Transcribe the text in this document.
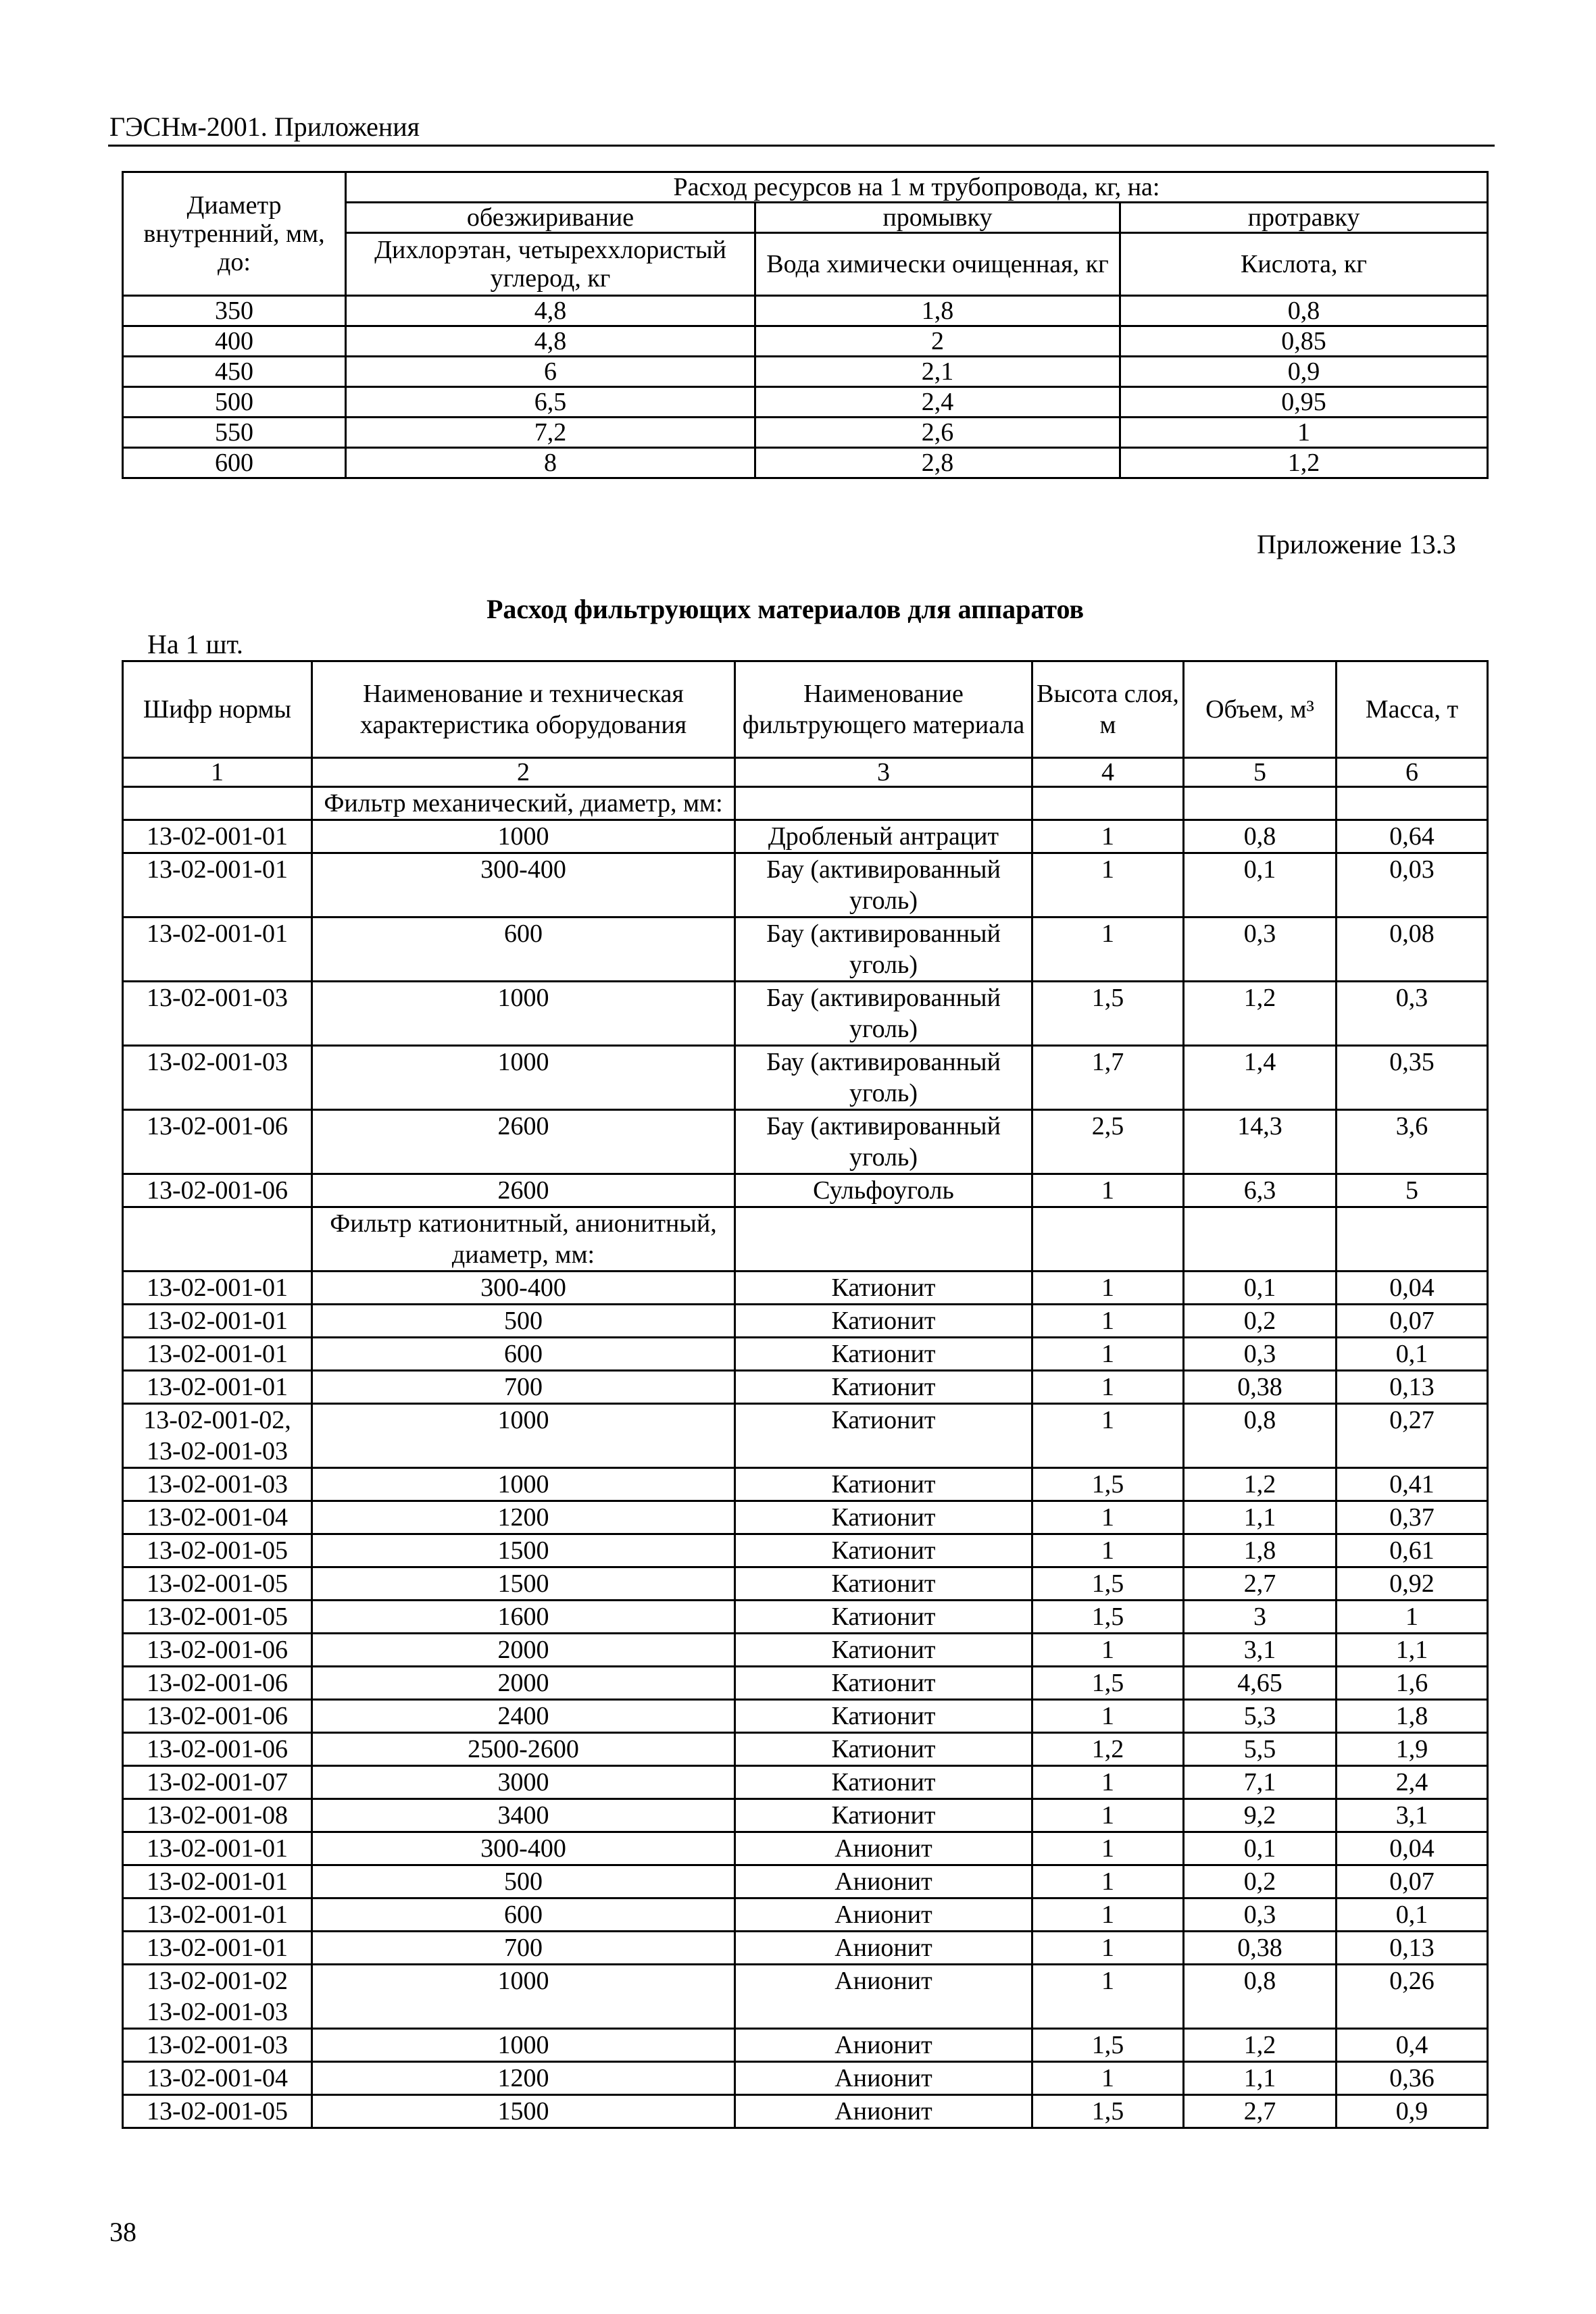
ГЭСНм-2001. Приложения
Диаметр внутренний, мм, до:	Расход ресурсов на 1 м трубопровода, кг, на:		
	обезжиривание	промывку	протравку
	Дихлорэтан, четыреххлористый углерод, кг	Вода химически очищенная, кг	Кислота, кг
350	4,8	1,8	0,8
400	4,8	2	0,85
450	6	2,1	0,9
500	6,5	2,4	0,95
550	7,2	2,6	1
600	8	2,8	1,2
Приложение 13.3
Расход фильтрующих материалов для аппаратов
На 1 шт.
Шифр нормы	Наименование и техническая характеристика оборудования	Наименование фильтрующего материала	Высота слоя, м	Объем, м³	Масса, т
1	2	3	4	5	6
	Фильтр механический, диаметр, мм:				
13-02-001-01	1000	Дробленый антрацит	1	0,8	0,64
13-02-001-01	300-400	Бау (активированный уголь)	1	0,1	0,03
13-02-001-01	600	Бау (активированный уголь)	1	0,3	0,08
13-02-001-03	1000	Бау (активированный уголь)	1,5	1,2	0,3
13-02-001-03	1000	Бау (активированный уголь)	1,7	1,4	0,35
13-02-001-06	2600	Бау (активированный уголь)	2,5	14,3	3,6
13-02-001-06	2600	Сульфоуголь	1	6,3	5
	Фильтр катионитный, анионитный, диаметр, мм:				
13-02-001-01	300-400	Катионит	1	0,1	0,04
13-02-001-01	500	Катионит	1	0,2	0,07
13-02-001-01	600	Катионит	1	0,3	0,1
13-02-001-01	700	Катионит	1	0,38	0,13
13-02-001-02, 13-02-001-03	1000	Катионит	1	0,8	0,27
13-02-001-03	1000	Катионит	1,5	1,2	0,41
13-02-001-04	1200	Катионит	1	1,1	0,37
13-02-001-05	1500	Катионит	1	1,8	0,61
13-02-001-05	1500	Катионит	1,5	2,7	0,92
13-02-001-05	1600	Катионит	1,5	3	1
13-02-001-06	2000	Катионит	1	3,1	1,1
13-02-001-06	2000	Катионит	1,5	4,65	1,6
13-02-001-06	2400	Катионит	1	5,3	1,8
13-02-001-06	2500-2600	Катионит	1,2	5,5	1,9
13-02-001-07	3000	Катионит	1	7,1	2,4
13-02-001-08	3400	Катионит	1	9,2	3,1
13-02-001-01	300-400	Анионит	1	0,1	0,04
13-02-001-01	500	Анионит	1	0,2	0,07
13-02-001-01	600	Анионит	1	0,3	0,1
13-02-001-01	700	Анионит	1	0,38	0,13
13-02-001-02 13-02-001-03	1000	Анионит	1	0,8	0,26
13-02-001-03	1000	Анионит	1,5	1,2	0,4
13-02-001-04	1200	Анионит	1	1,1	0,36
13-02-001-05	1500	Анионит	1,5	2,7	0,9
38
